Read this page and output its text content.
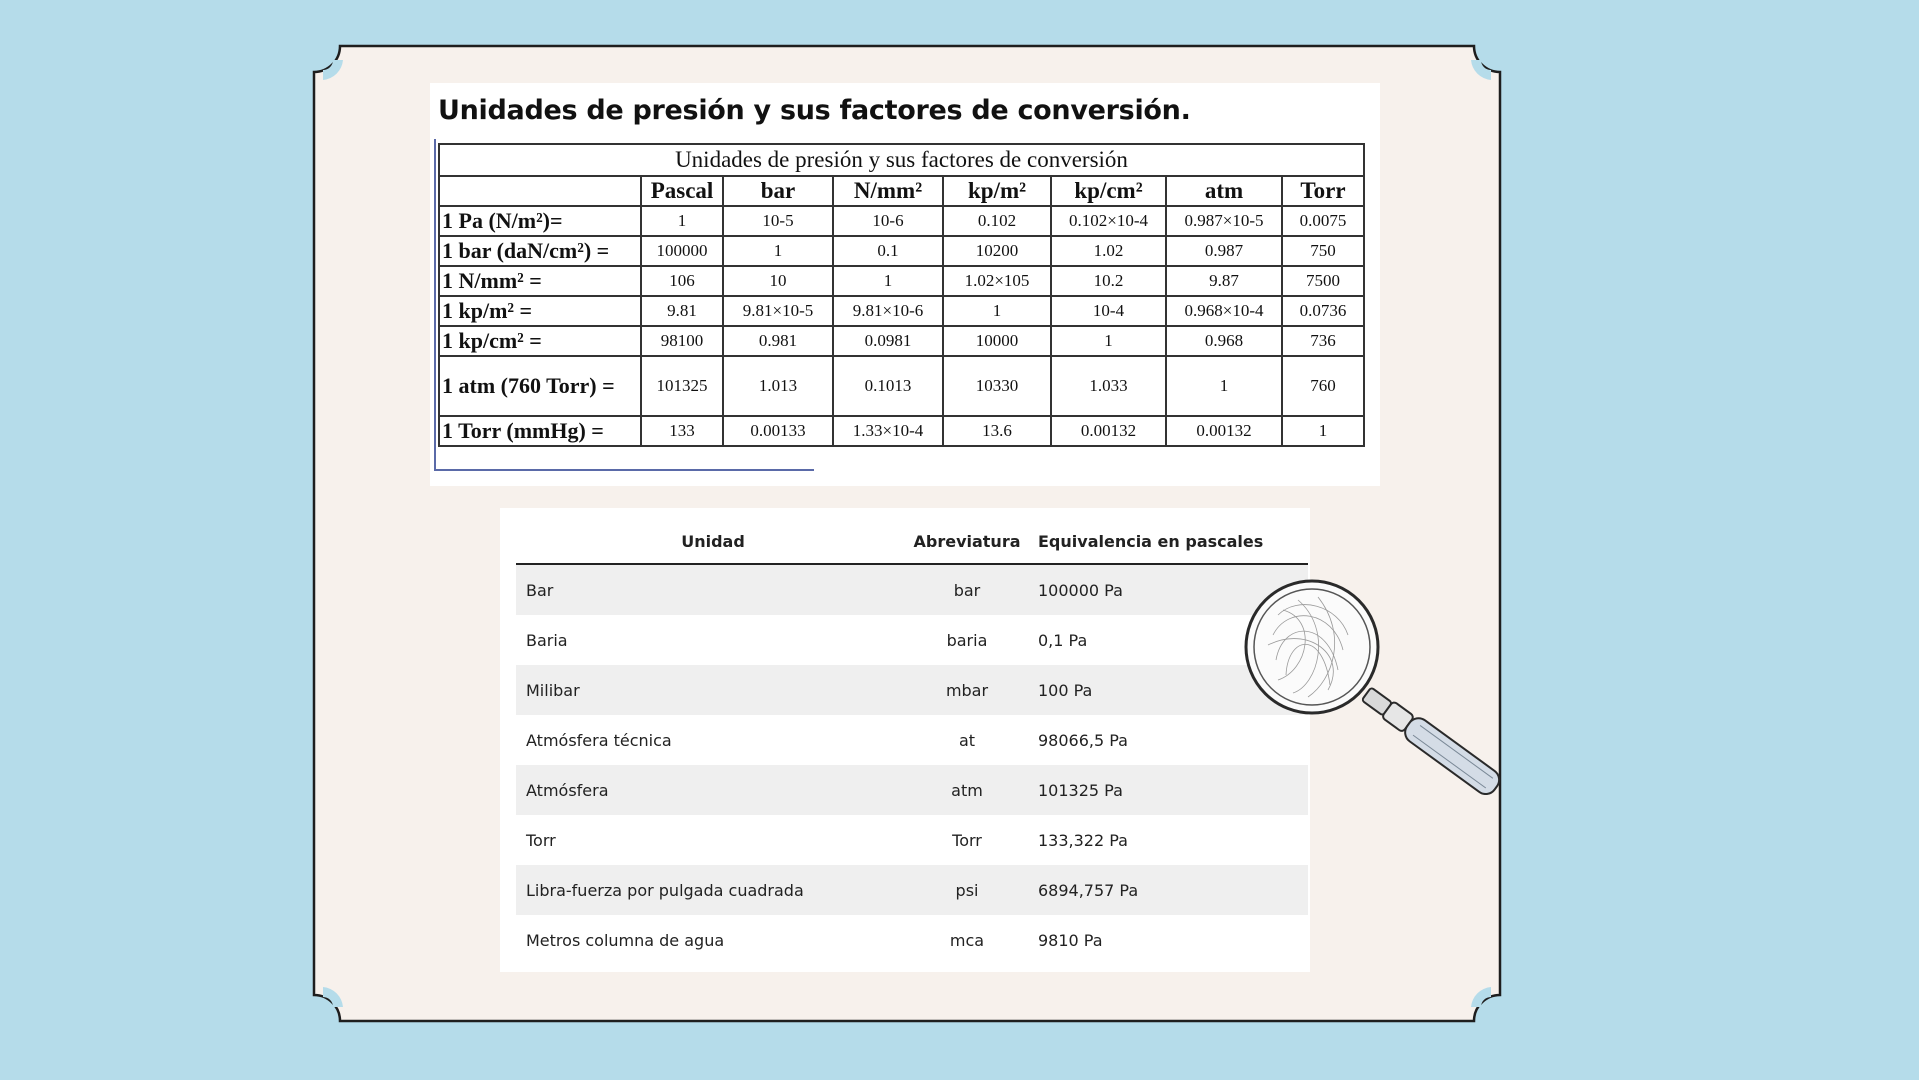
Unidades de presión y sus factores de conversión.
Unidades de presión y sus factores de conversión
	Pascal	bar	N/mm²	kp/m²	kp/cm²	atm	Torr
1 Pa (N/m²)=	1	10-5	10-6	0.102	0.102×10-4	0.987×10-5	0.0075
1 bar (daN/cm²) =	100000	1	0.1	10200	1.02	0.987	750
1 N/mm² =	106	10	1	1.02×105	10.2	9.87	7500
1 kp/m² =	9.81	9.81×10-5	9.81×10-6	1	10-4	0.968×10-4	0.0736
1 kp/cm² =	98100	0.981	0.0981	10000	1	0.968	736
1 atm (760 Torr) =	101325	1.013	0.1013	10330	1.033	1	760
1 Torr (mmHg) =	133	0.00133	1.33×10-4	13.6	0.00132	0.00132	1
Unidad	Abreviatura	Equivalencia en pascales
Bar	bar	100000 Pa
Baria	baria	0,1 Pa
Milibar	mbar	100 Pa
Atmósfera técnica	at	98066,5 Pa
Atmósfera	atm	101325 Pa
Torr	Torr	133,322 Pa
Libra-fuerza por pulgada cuadrada	psi	6894,757 Pa
Metros columna de agua	mca	9810 Pa
